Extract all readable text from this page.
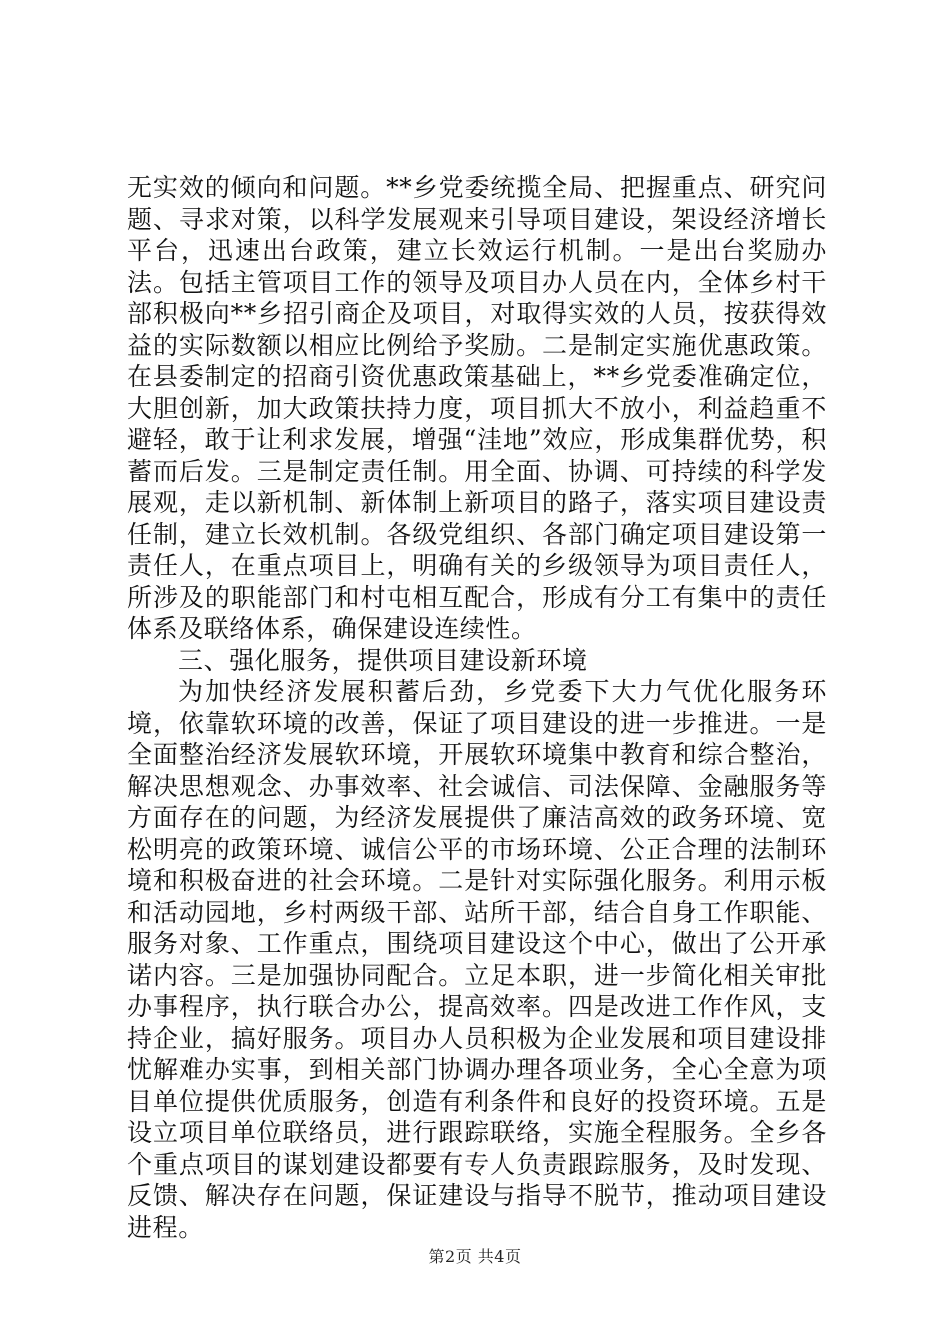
无实效的倾向和问题。**乡党委统揽全局、把握重点、研究问题、寻求对策，以科学发展观来引导项目建设，架设经济增长平台，迅速出台政策，建立长效运行机制。一是出台奖励办法。包括主管项目工作的领导及项目办人员在内，全体乡村干部积极向**乡招引商企及项目，对取得实效的人员，按获得效益的实际数额以相应比例给予奖励。二是制定实施优惠政策。在县委制定的招商引资优惠政策基础上，**乡党委准确定位，大胆创新，加大政策扶持力度，项目抓大不放小，利益趋重不避轻，敢于让利求发展，增强“洼地”效应，形成集群优势，积蓄而后发。三是制定责任制。用全面、协调、可持续的科学发展观，走以新机制、新体制上新项目的路子，落实项目建设责任制，建立长效机制。各级党组织、各部门确定项目建设第一责任人，在重点项目上，明确有关的乡级领导为项目责任人，所涉及的职能部门和村屯相互配合，形成有分工有集中的责任体系及联络体系，确保建设连续性。

三、强化服务，提供项目建设新环境

为加快经济发展积蓄后劲，乡党委下大力气优化服务环境，依靠软环境的改善，保证了项目建设的进一步推进。一是全面整治经济发展软环境，开展软环境集中教育和综合整治，解决思想观念、办事效率、社会诚信、司法保障、金融服务等方面存在的问题，为经济发展提供了廉洁高效的政务环境、宽松明亮的政策环境、诚信公平的市场环境、公正合理的法制环境和积极奋进的社会环境。二是针对实际强化服务。利用示板和活动园地，乡村两级干部、站所干部，结合自身工作职能、服务对象、工作重点，围绕项目建设这个中心，做出了公开承诺内容。三是加强协同配合。立足本职，进一步简化相关审批办事程序，执行联合办公，提高效率。四是改进工作作风，支持企业，搞好服务。项目办人员积极为企业发展和项目建设排忧解难办实事，到相关部门协调办理各项业务，全心全意为项目单位提供优质服务，创造有利条件和良好的投资环境。五是设立项目单位联络员，进行跟踪联络，实施全程服务。全乡各个重点项目的谋划建设都要有专人负责跟踪服务，及时发现、反馈、解决存在问题，保证建设与指导不脱节，推动项目建设进程。

第2页 共4页
